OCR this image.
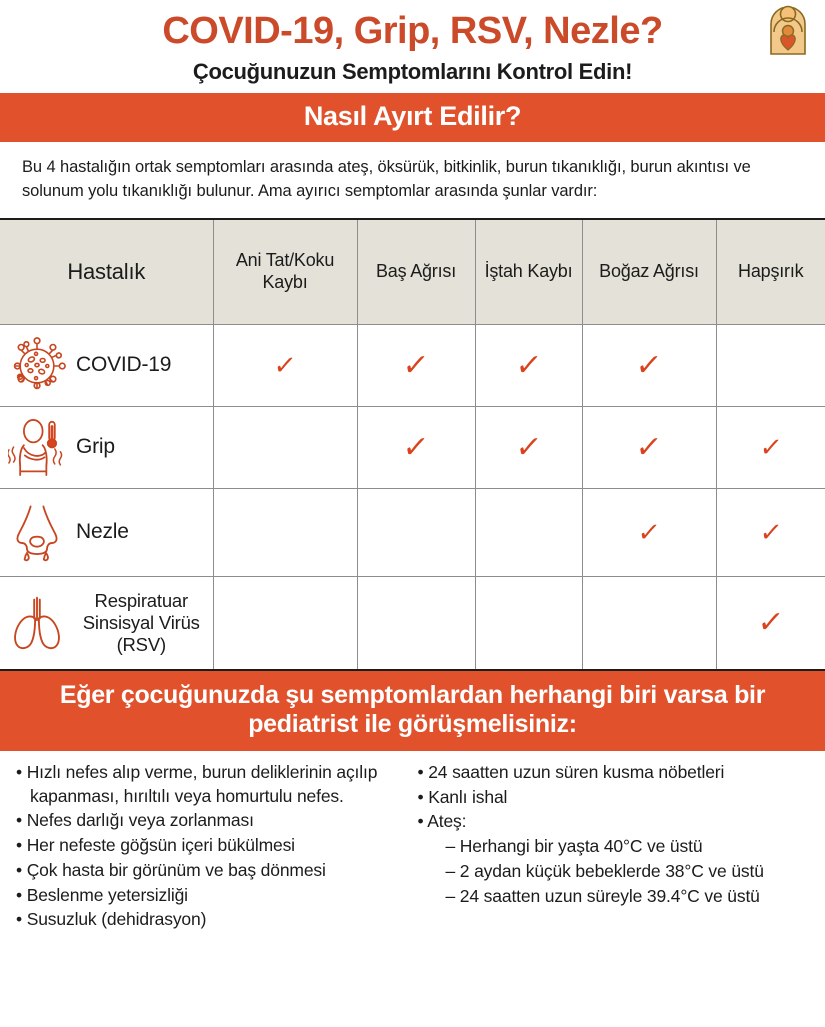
COVID-19, Grip, RSV, Nezle?
Çocuğunuzun Semptomlarını Kontrol Edin!
Nasıl Ayırt Edilir?
Bu 4 hastalığın ortak semptomları arasında ateş, öksürük, bitkinlik, burun tıkanıklığı, burun akıntısı ve solunum yolu tıkanıklığı bulunur. Ama ayırıcı semptomlar arasında şunlar vardır:
Hastalık	Ani Tat/Koku Kaybı	Baş Ağrısı	İştah Kaybı	Boğaz Ağrısı	Hapşırık

COVID-19	✓	✓	✓	✓	

Grip		✓	✓	✓	✓

Nezle				✓	✓

Respiratuar Sinsisyal Virüs (RSV)					✓
Eğer çocuğunuzda şu semptomlardan herhangi biri varsa bir pediatrist ile görüşmelisiniz:
• Hızlı nefes alıp verme, burun deliklerinin açılıp kapanması, hırıltılı veya homurtulu nefes.
• Nefes darlığı veya zorlanması
• Her nefeste göğsün içeri bükülmesi
• Çok hasta bir görünüm ve baş dönmesi
• Beslenme yetersizliği
• Susuzluk (dehidrasyon)
• 24 saatten uzun süren kusma nöbetleri
• Kanlı ishal
• Ateş:
– Herhangi bir yaşta 40°C ve üstü
– 2 aydan küçük bebeklerde 38°C ve üstü
– 24 saatten uzun süreyle 39.4°C ve üstü
